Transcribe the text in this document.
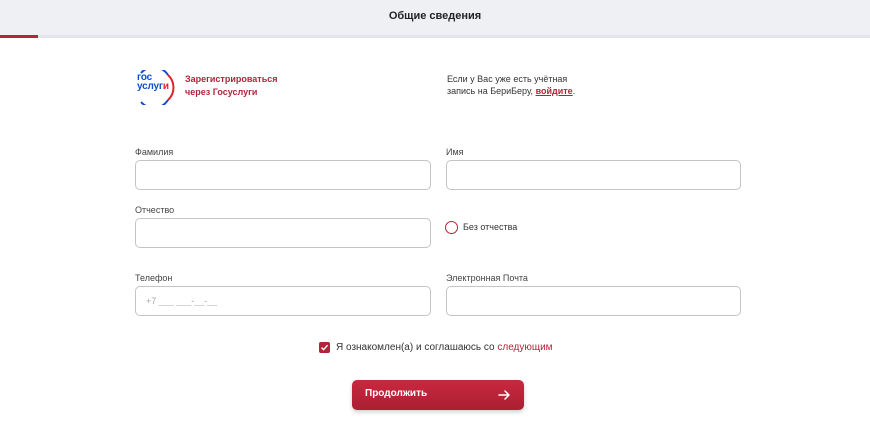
Общие сведения
гос
услуги
Зарегистрироваться через Госуслуги
Если у Вас уже есть учётная запись на БериБеру, войдите.
Фамилия	Имя
Отчество
Без отчества
Телефон
+7 ___ ___-__-__	Электронная Почта
Я ознакомлен(а) и соглашаюсь со следующим
Продолжить
